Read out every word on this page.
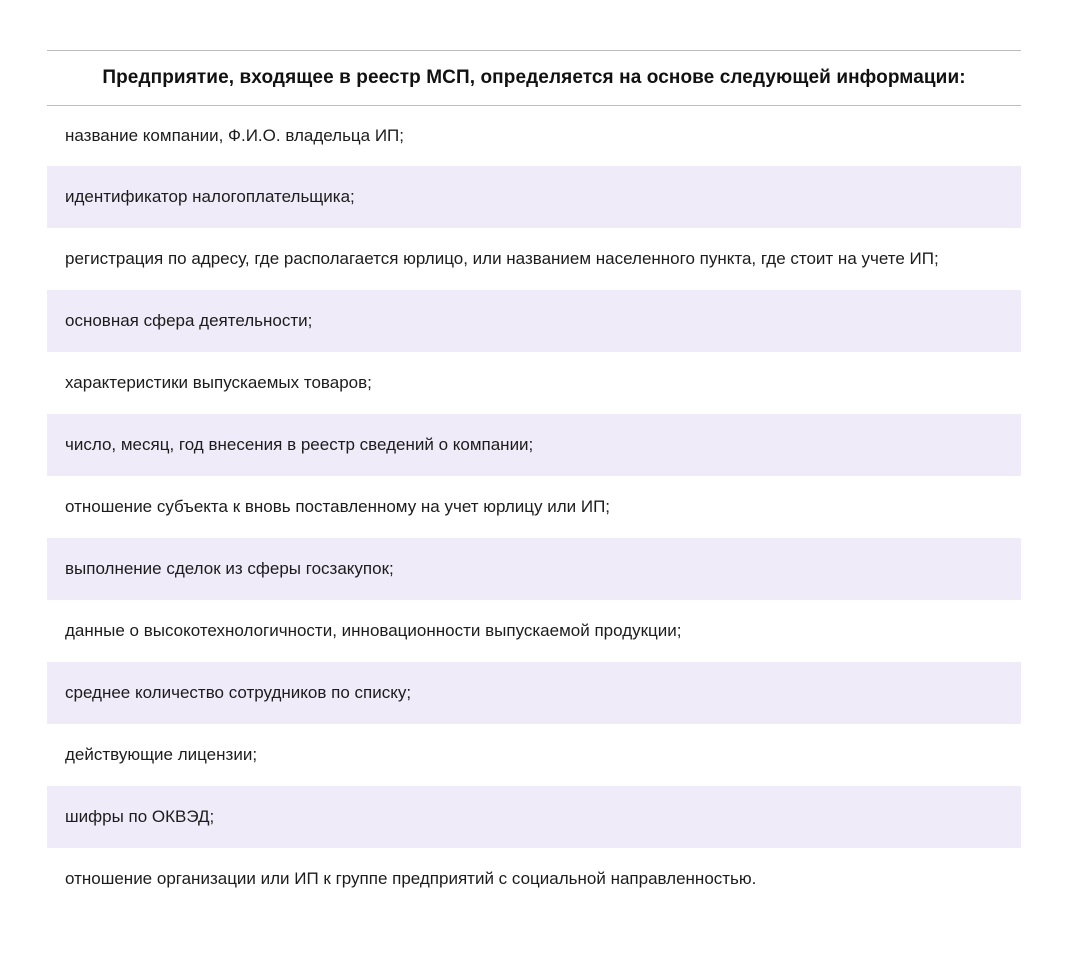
Предприятие, входящее в реестр МСП, определяется на основе следующей информации:
название компании, Ф.И.О. владельца ИП;
идентификатор налогоплательщика;
регистрация по адресу, где располагается юрлицо, или названием населенного пункта, где стоит на учете ИП;
основная сфера деятельности;
характеристики выпускаемых товаров;
число, месяц, год внесения в реестр сведений о компании;
отношение субъекта к вновь поставленному на учет юрлицу или ИП;
выполнение сделок из сферы госзакупок;
данные о высокотехнологичности, инновационности выпускаемой продукции;
среднее количество сотрудников по списку;
действующие лицензии;
шифры по ОКВЭД;
отношение организации или ИП к группе предприятий с социальной направленностью.
